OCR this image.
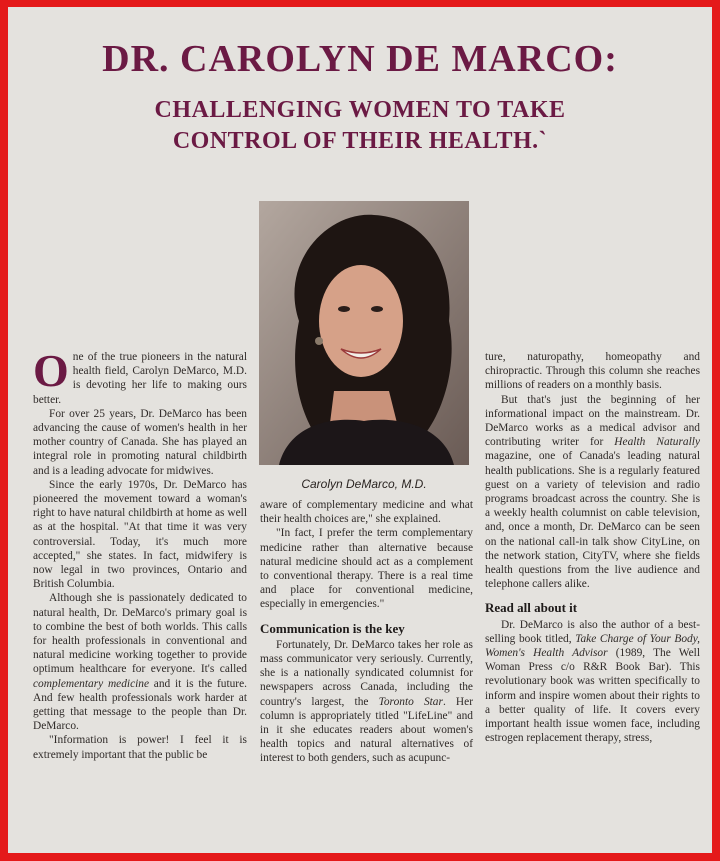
DR. CAROLYN DE MARCO:
CHALLENGING WOMEN TO TAKE
CONTROL OF THEIR HEALTH.`
Carolyn DeMarco, M.D.

One of the true pioneers in the natural health field, Carolyn DeMarco, M.D. is devoting her life to making ours better.

For over 25 years, Dr. DeMarco has been advancing the cause of women's health in her mother country of Canada. She has played an integral role in promoting natural childbirth and is a leading advocate for midwives.

Since the early 1970s, Dr. DeMarco has pioneered the movement toward a woman's right to have natural childbirth at home as well as at the hospital. "At that time it was very controversial. Today, it's much more accepted," she states. In fact, midwifery is now legal in two provinces, Ontario and British Columbia.

Although she is passionately dedicated to natural health, Dr. DeMarco's primary goal is to combine the best of both worlds. This calls for health professionals in conventional and natural medicine working together to provide optimum healthcare for everyone. It's called complementary medicine and it is the future. And few health professionals work harder at getting that message to the people than Dr. DeMarco.

"Information is power! I feel it is extremely important that the public be

aware of complementary medicine and what their health choices are," she explained.

"In fact, I prefer the term complementary medicine rather than alternative because natural medicine should act as a complement to conventional therapy. There is a real time and place for conventional medicine, especially in emergencies."

Communication is the key

Fortunately, Dr. DeMarco takes her role as mass communicator very seriously. Currently, she is a nationally syndicated columnist for newspapers across Canada, including the country's largest, the Toronto Star. Her column is appropriately titled "LifeLine" and in it she educates readers about women's health topics and natural alternatives of interest to both genders, such as acupunc-

ture, naturopathy, homeopathy and chiropractic. Through this column she reaches millions of readers on a monthly basis.

But that's just the beginning of her informational impact on the mainstream. Dr. DeMarco works as a medical advisor and contributing writer for Health Naturally magazine, one of Canada's leading natural health publications. She is a regularly featured guest on a variety of television and radio programs broadcast across the country. She is a weekly health columnist on cable television, and, once a month, Dr. DeMarco can be seen on the national call-in talk show CityLine, on the network station, CityTV, where she fields health questions from the live audience and telephone callers alike.

Read all about it

Dr. DeMarco is also the author of a best-selling book titled, Take Charge of Your Body, Women's Health Advisor (1989, The Well Woman Press c/o R&R Book Bar). This revolutionary book was written specifically to inform and inspire women about their rights to a better quality of life. It covers every important health issue women face, including estrogen replacement therapy, stress,
